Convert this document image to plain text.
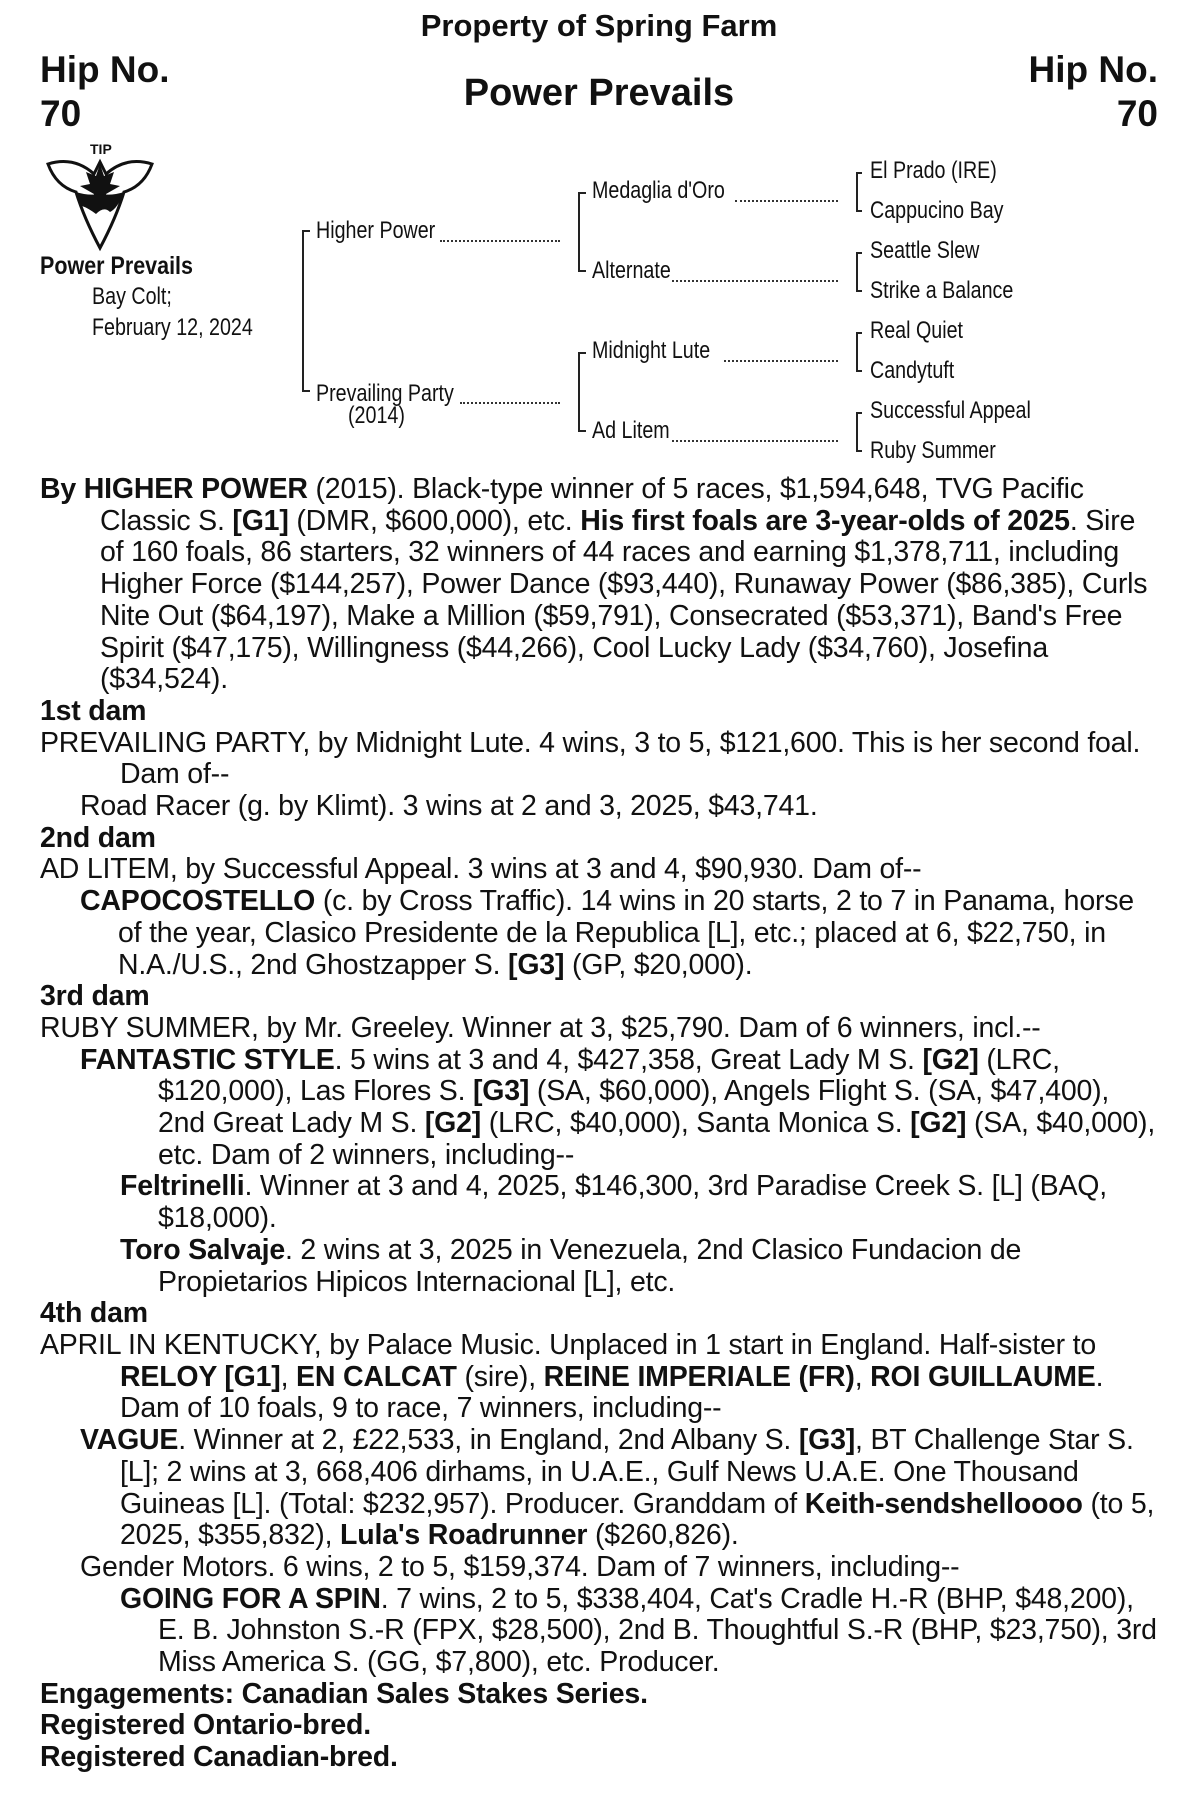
Property of Spring Farm
Power Prevails
Hip No.
70
Hip No.
70
TIP
Power Prevails
Bay Colt;
February 12, 2024
Higher Power
Prevailing Party
(2014)
Medaglia d'Oro
Alternate
Midnight Lute
Ad Litem
El Prado (IRE)
Cappucino Bay
Seattle Slew
Strike a Balance
Real Quiet
Candytuft
Successful Appeal
Ruby Summer

By HIGHER POWER (2015). Black-type winner of 5 races, $1,594,648, TVG Pacific Classic S. [G1] (DMR, $600,000), etc. His first foals are 3-year-olds of 2025. Sire of 160 foals, 86 starters, 32 winners of 44 races and earning $1,378,711, including Higher Force ($144,257), Power Dance ($93,440), Runaway Power ($86,385), Curls Nite Out ($64,197), Make a Million ($59,791), Consecrated ($53,371), Band's Free Spirit ($47,175), Willingness ($44,266), Cool Lucky Lady ($34,760), Josefina ($34,524).

1st dam

PREVAILING PARTY, by Midnight Lute. 4 wins, 3 to 5, $121,600. This is her second foal. Dam of--

Road Racer (g. by Klimt). 3 wins at 2 and 3, 2025, $43,741.

2nd dam

AD LITEM, by Successful Appeal. 3 wins at 3 and 4, $90,930. Dam of--

CAPOCOSTELLO (c. by Cross Traffic). 14 wins in 20 starts, 2 to 7 in Panama, horse of the year, Clasico Presidente de la Republica [L], etc.; placed at 6, $22,750, in N.A./U.S., 2nd Ghostzapper S. [G3] (GP, $20,000).

3rd dam

RUBY SUMMER, by Mr. Greeley. Winner at 3, $25,790. Dam of 6 winners, incl.--

FANTASTIC STYLE. 5 wins at 3 and 4, $427,358, Great Lady M S. [G2] (LRC, $120,000), Las Flores S. [G3] (SA, $60,000), Angels Flight S. (SA, $47,400), 2nd Great Lady M S. [G2] (LRC, $40,000), Santa Monica S. [G2] (SA, $40,000), etc. Dam of 2 winners, including--

Feltrinelli. Winner at 3 and 4, 2025, $146,300, 3rd Paradise Creek S. [L] (BAQ, $18,000).

Toro Salvaje. 2 wins at 3, 2025 in Venezuela, 2nd Clasico Fundacion de Propietarios Hipicos Internacional [L], etc.

4th dam

APRIL IN KENTUCKY, by Palace Music. Unplaced in 1 start in England. Half-sister to RELOY [G1], EN CALCAT (sire), REINE IMPERIALE (FR), ROI GUILLAUME. Dam of 10 foals, 9 to race, 7 winners, including--

VAGUE. Winner at 2, £22,533, in England, 2nd Albany S. [G3], BT Challenge Star S. [L]; 2 wins at 3, 668,406 dirhams, in U.A.E., Gulf News U.A.E. One Thousand Guineas [L]. (Total: $232,957). Producer. Granddam of Keith-sendshelloooo (to 5, 2025, $355,832), Lula's Roadrunner ($260,826).

Gender Motors. 6 wins, 2 to 5, $159,374. Dam of 7 winners, including--

GOING FOR A SPIN. 7 wins, 2 to 5, $338,404, Cat's Cradle H.-R (BHP, $48,200), E. B. Johnston S.-R (FPX, $28,500), 2nd B. Thoughtful S.-R (BHP, $23,750), 3rd Miss America S. (GG, $7,800), etc. Producer.

Engagements: Canadian Sales Stakes Series.

Registered Ontario-bred.

Registered Canadian-bred.
